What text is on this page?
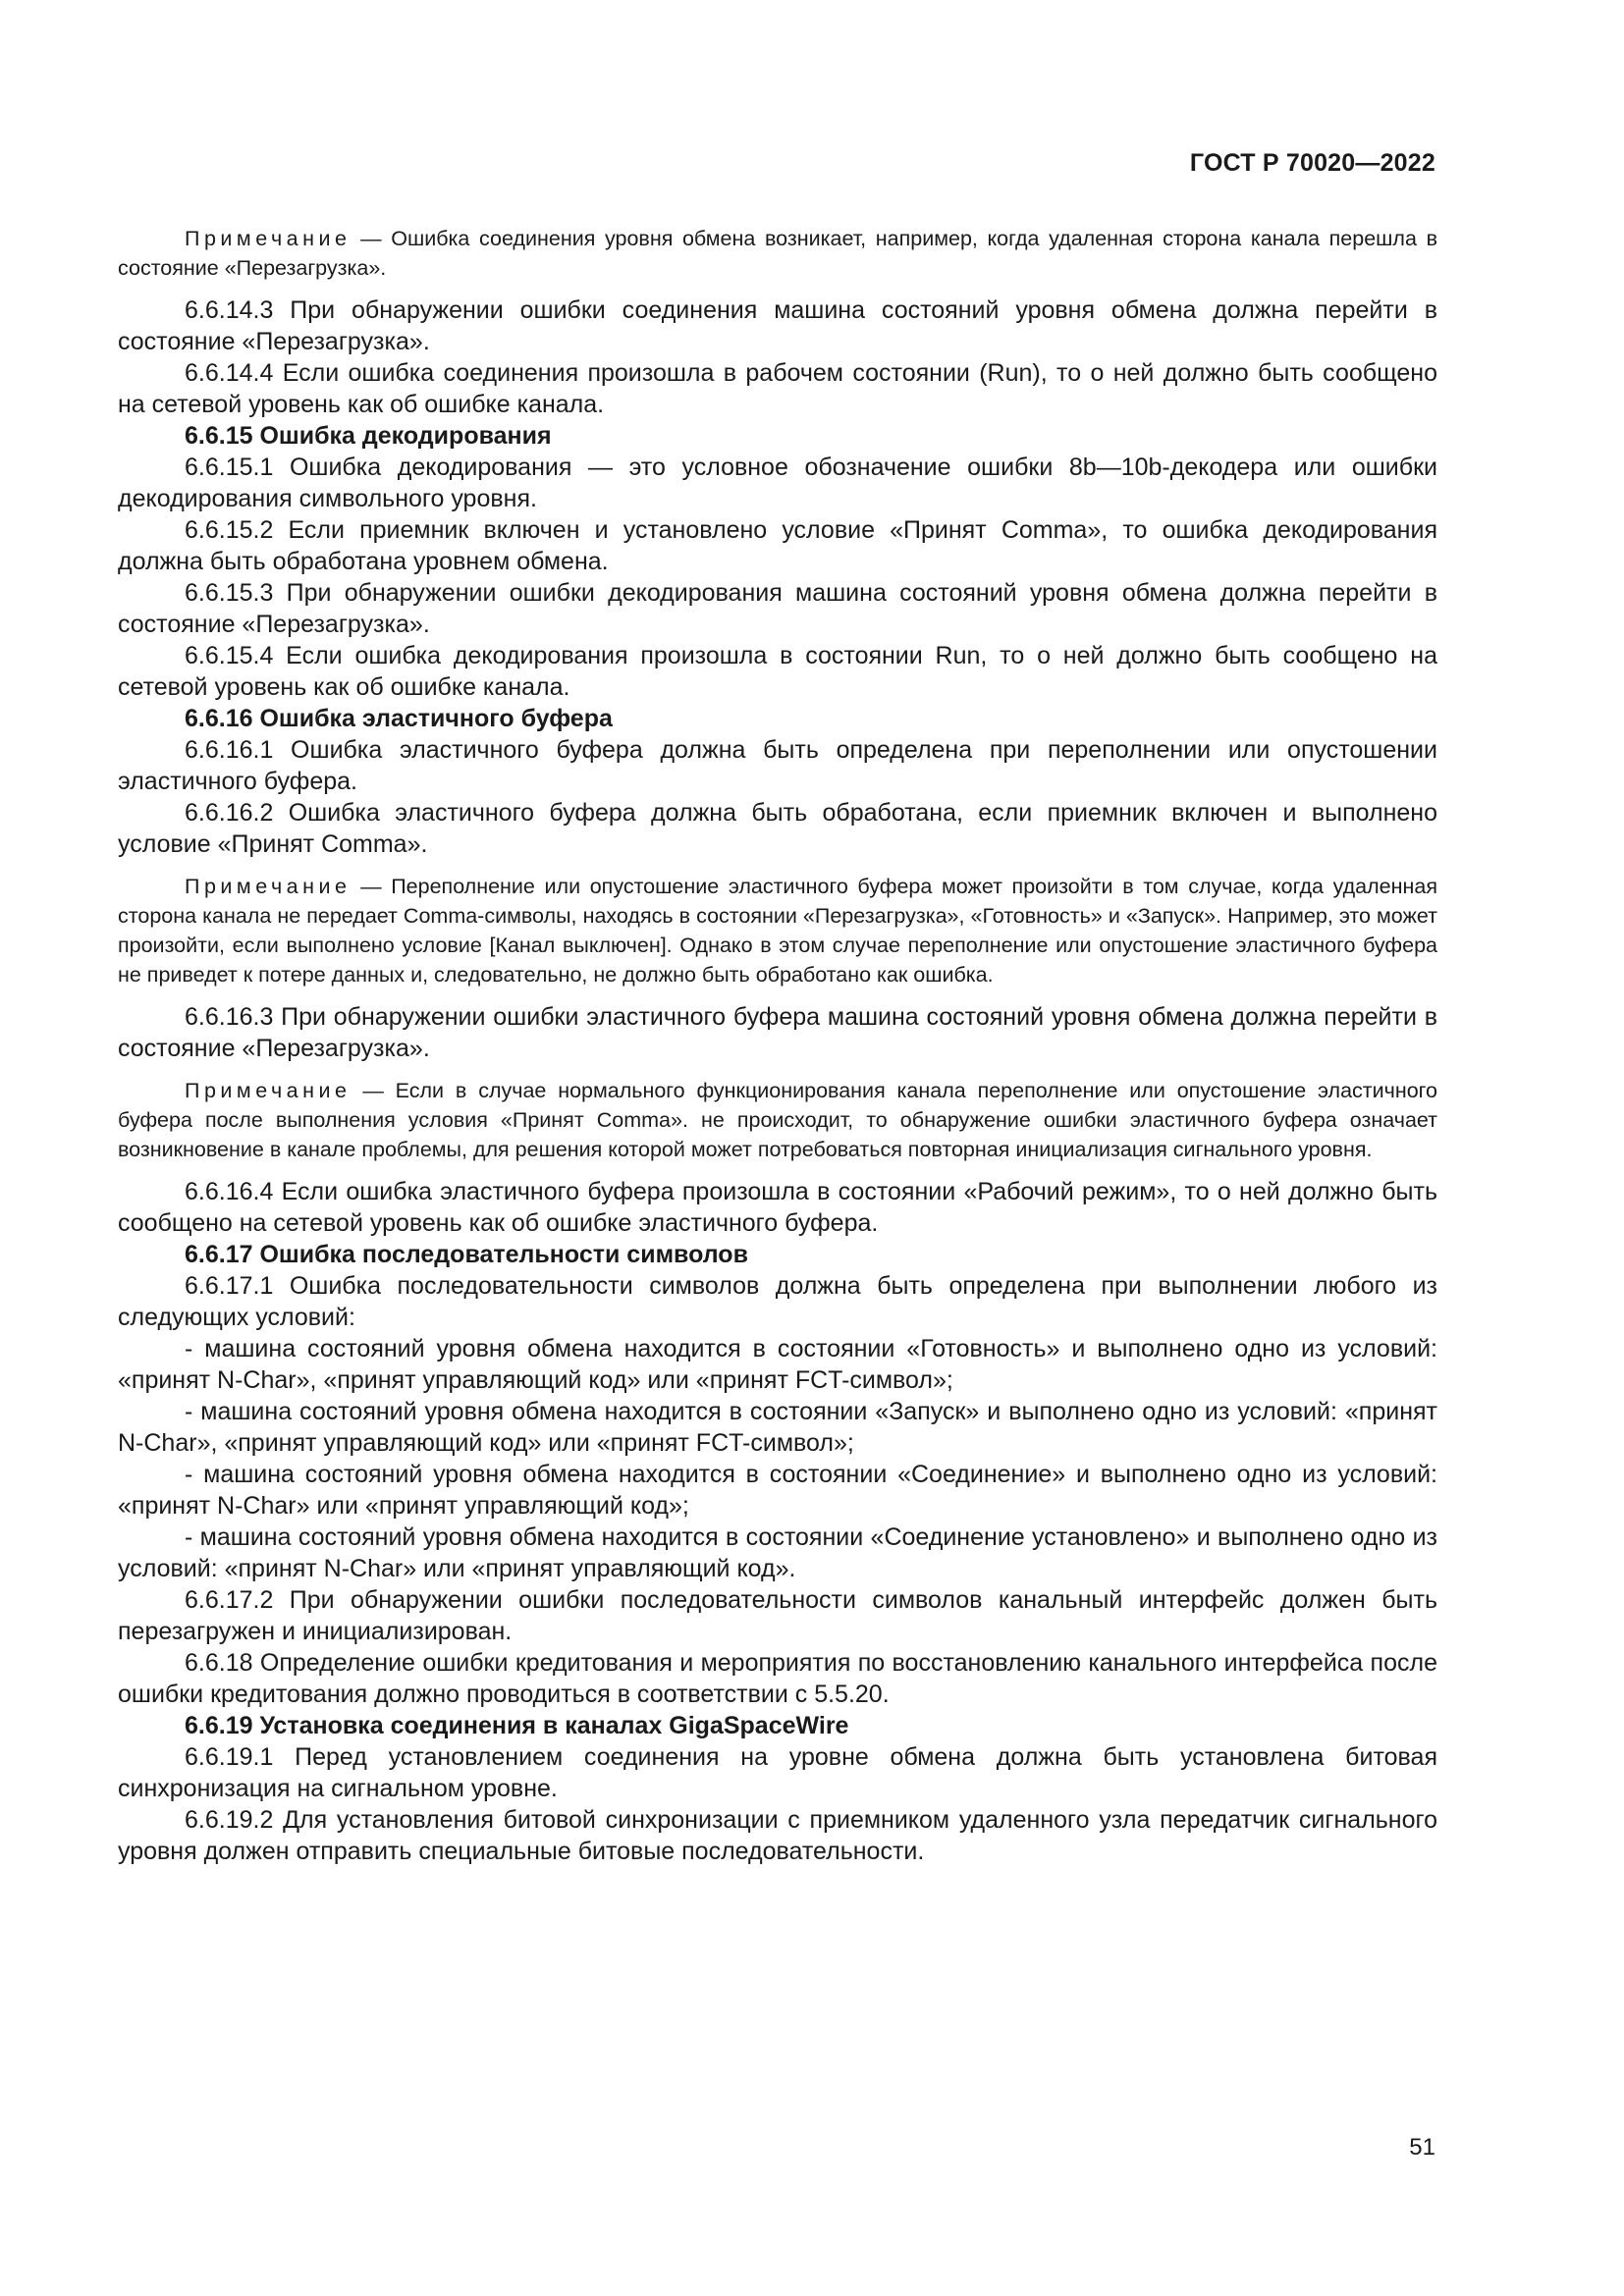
ГОСТ Р 70020—2022

Примечание — Ошибка соединения уровня обмена возникает, например, когда удаленная сторона канала перешла в состояние «Перезагрузка».

6.6.14.3 При обнаружении ошибки соединения машина состояний уровня обмена должна перейти в состояние «Перезагрузка».

6.6.14.4 Если ошибка соединения произошла в рабочем состоянии (Run), то о ней должно быть сообщено на сетевой уровень как об ошибке канала.

6.6.15 Ошибка декодирования

6.6.15.1 Ошибка декодирования — это условное обозначение ошибки 8b—10b-декодера или ошибки декодирования символьного уровня.

6.6.15.2 Если приемник включен и установлено условие «Принят Comma», то ошибка декодирования должна быть обработана уровнем обмена.

6.6.15.3 При обнаружении ошибки декодирования машина состояний уровня обмена должна перейти в состояние «Перезагрузка».

6.6.15.4 Если ошибка декодирования произошла в состоянии Run, то о ней должно быть сообщено на сетевой уровень как об ошибке канала.

6.6.16 Ошибка эластичного буфера

6.6.16.1 Ошибка эластичного буфера должна быть определена при переполнении или опустошении эластичного буфера.

6.6.16.2 Ошибка эластичного буфера должна быть обработана, если приемник включен и выполнено условие «Принят Comma».

Примечание — Переполнение или опустошение эластичного буфера может произойти в том случае, когда удаленная сторона канала не передает Comma-символы, находясь в состоянии «Перезагрузка», «Готовность» и «Запуск». Например, это может произойти, если выполнено условие [Канал выключен]. Однако в этом случае переполнение или опустошение эластичного буфера не приведет к потере данных и, следовательно, не должно быть обработано как ошибка.

6.6.16.3 При обнаружении ошибки эластичного буфера машина состояний уровня обмена должна перейти в состояние «Перезагрузка».

Примечание — Если в случае нормального функционирования канала переполнение или опустошение эластичного буфера после выполнения условия «Принят Comma». не происходит, то обнаружение ошибки эластичного буфера означает возникновение в канале проблемы, для решения которой может потребоваться повторная инициализация сигнального уровня.

6.6.16.4 Если ошибка эластичного буфера произошла в состоянии «Рабочий режим», то о ней должно быть сообщено на сетевой уровень как об ошибке эластичного буфера.

6.6.17 Ошибка последовательности символов

6.6.17.1 Ошибка последовательности символов должна быть определена при выполнении любого из следующих условий:

- машина состояний уровня обмена находится в состоянии «Готовность» и выполнено одно из условий: «принят N-Char», «принят управляющий код» или «принят FCT-символ»;

- машина состояний уровня обмена находится в состоянии «Запуск» и выполнено одно из условий: «принят N-Char», «принят управляющий код» или «принят FCT-символ»;

- машина состояний уровня обмена находится в состоянии «Соединение» и выполнено одно из условий: «принят N-Char» или «принят управляющий код»;

- машина состояний уровня обмена находится в состоянии «Соединение установлено» и выполнено одно из условий: «принят N-Char» или «принят управляющий код».

6.6.17.2 При обнаружении ошибки последовательности символов канальный интерфейс должен быть перезагружен и инициализирован.

6.6.18 Определение ошибки кредитования и мероприятия по восстановлению канального интерфейса после ошибки кредитования должно проводиться в соответствии с 5.5.20.

6.6.19 Установка соединения в каналах GigaSpaceWire

6.6.19.1 Перед установлением соединения на уровне обмена должна быть установлена битовая синхронизация на сигнальном уровне.

6.6.19.2 Для установления битовой синхронизации с приемником удаленного узла передатчик сигнального уровня должен отправить специальные битовые последовательности.

51
